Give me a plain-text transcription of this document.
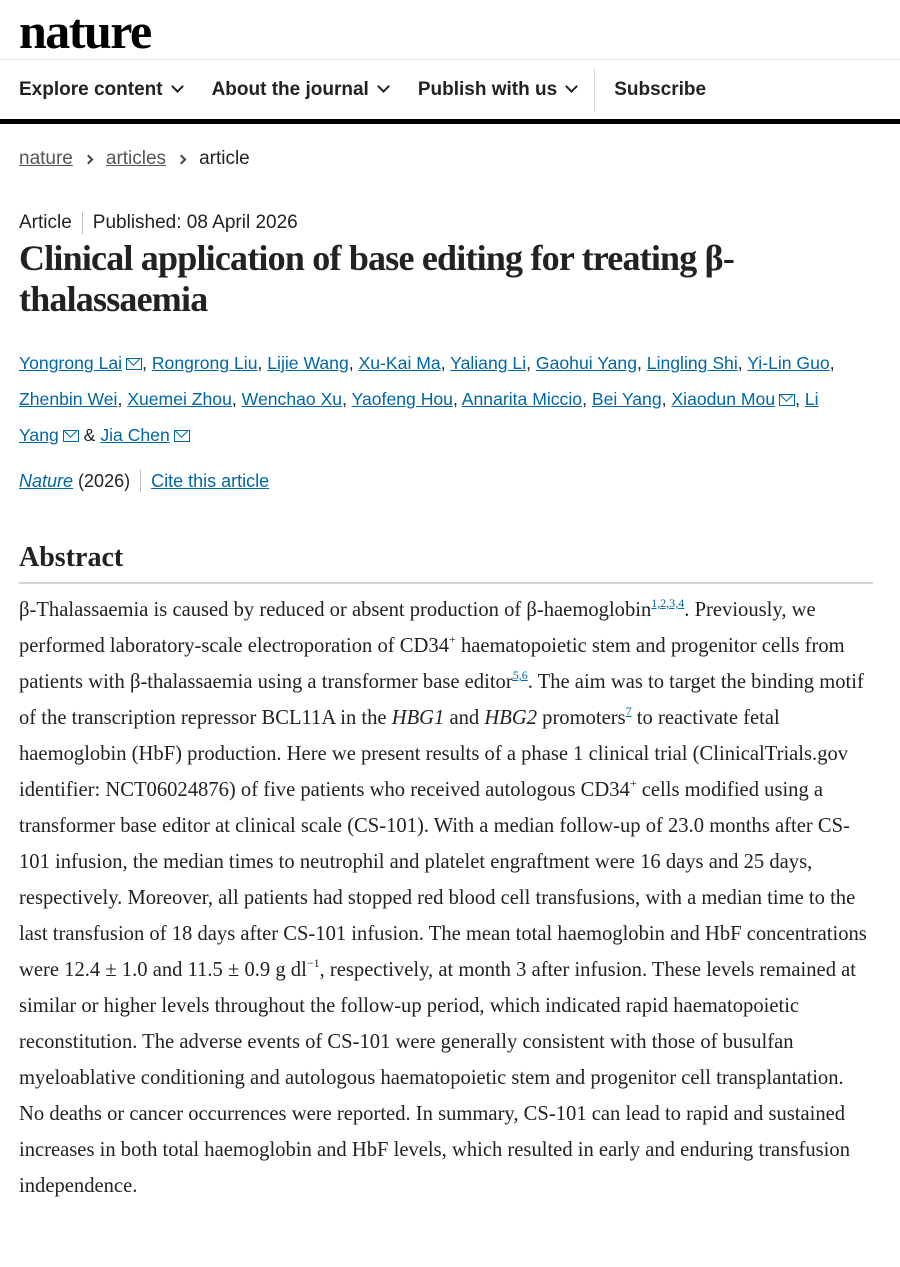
nature
Explore content	About the journal	Publish with us	Subscribe
nature articles article
Article Published: 08 April 2026
Clinical application of base editing for treating β-thalassaemia
Yongrong Lai , Rongrong Liu, Lijie Wang, Xu-Kai Ma, Yaliang Li, Gaohui Yang, Lingling Shi, Yi-Lin Guo, Zhenbin Wei, Xuemei Zhou, Wenchao Xu, Yaofeng Hou, Annarita Miccio, Bei Yang, Xiaodun Mou , Li Yang & Jia Chen
Nature (2026) Cite this article
Abstract

β-Thalassaemia is caused by reduced or absent production of β-haemoglobin$^{1,2,3,4}$. Previously, we performed laboratory-scale electroporation of CD34+ haematopoietic stem and progenitor cells from patients with β-thalassaemia using a transformer base editor$^{5,6}$. The aim was to target the binding motif of the transcription repressor BCL11A in the HBG1 and HBG2 promoters$^7$ to reactivate fetal haemoglobin (HbF) production. Here we present results of a phase 1 clinical trial (ClinicalTrials.gov identifier: NCT06024876) of five patients who received autologous CD34+ cells modified using a transformer base editor at clinical scale (CS-101). With a median follow-up of 23.0 months after CS-101 infusion, the median times to neutrophil and platelet engraftment were 16 days and 25 days, respectively. Moreover, all patients had stopped red blood cell transfusions, with a median time to the last transfusion of 18 days after CS-101 infusion. The mean total haemoglobin and HbF concentrations were 12.4 ± 1.0 and 11.5 ± 0.9 g $dl^{-1}$, respectively, at month 3 after infusion. These levels remained at similar or higher levels throughout the follow-up period, which indicated rapid haematopoietic reconstitution. The adverse events of CS-101 were generally consistent with those of busulfan myeloablative conditioning and autologous haematopoietic stem and progenitor cell transplantation. No deaths or cancer occurrences were reported. In summary, CS-101 can lead to rapid and sustained increases in both total haemoglobin and HbF levels, which resulted in early and enduring transfusion independence.
